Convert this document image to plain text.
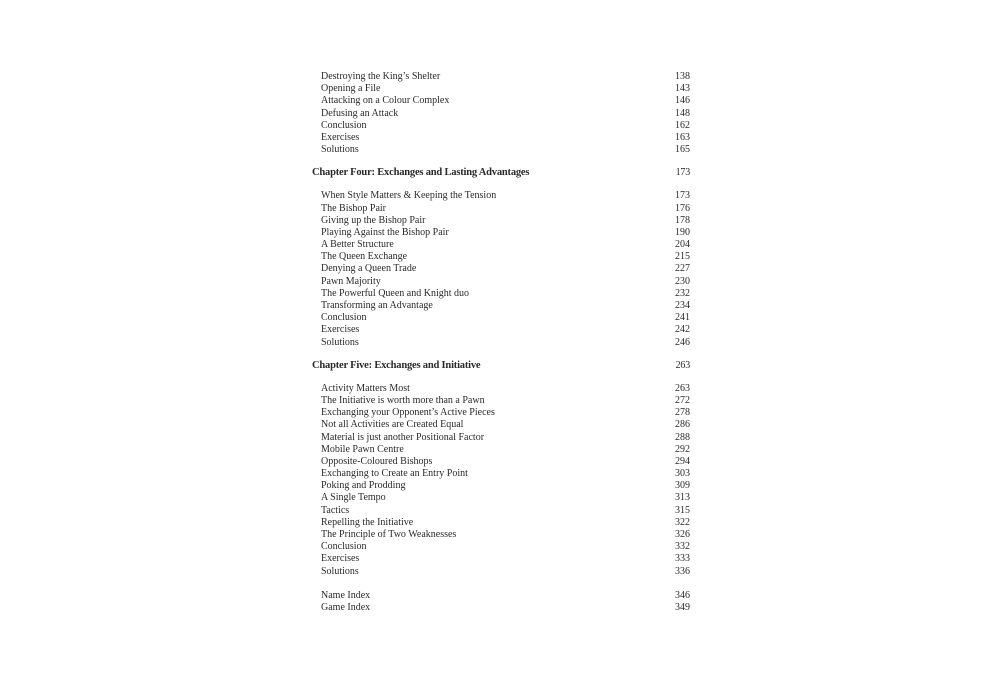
Destroying the King’s Shelter	138
Opening a File	143
Attacking on a Colour Complex	146
Defusing an Attack	148
Conclusion	162
Exercises	163
Solutions	165
Chapter Four: Exchanges and Lasting Advantages	173
When Style Matters & Keeping the Tension	173
The Bishop Pair	176
Giving up the Bishop Pair	178
Playing Against the Bishop Pair	190
A Better Structure	204
The Queen Exchange	215
Denying a Queen Trade	227
Pawn Majority	230
The Powerful Queen and Knight duo	232
Transforming an Advantage	234
Conclusion	241
Exercises	242
Solutions	246
Chapter Five: Exchanges and Initiative	263
Activity Matters Most	263
The Initiative is worth more than a Pawn	272
Exchanging your Opponent’s Active Pieces	278
Not all Activities are Created Equal	286
Material is just another Positional Factor	288
Mobile Pawn Centre	292
Opposite-Coloured Bishops	294
Exchanging to Create an Entry Point	303
Poking and Prodding	309
A Single Tempo	313
Tactics	315
Repelling the Initiative	322
The Principle of Two Weaknesses	326
Conclusion	332
Exercises	333
Solutions	336
Name Index	346
Game Index	349
